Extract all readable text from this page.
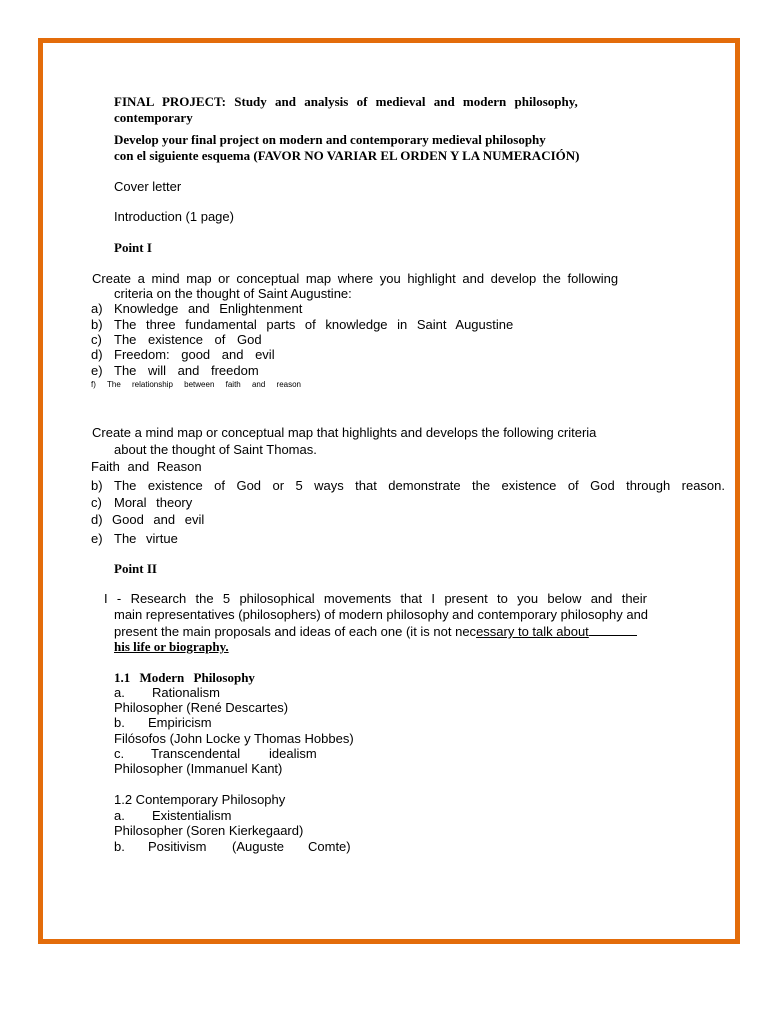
FINAL PROJECT: Study and analysis of medieval and modern philosophy,
contemporary
Develop your final project on modern and contemporary medieval philosophy
con el siguiente esquema (FAVOR NO VARIAR EL ORDEN Y LA NUMERACIÓN)
Cover letter
Introduction (1 page)
Point I
Create a mind map or conceptual map where you highlight and develop the following
criteria on the thought of Saint Augustine:
a) Knowledge and Enlightenment
b) The three fundamental parts of knowledge in Saint Augustine
c) The existence of God
d) Freedom: good and evil
e) The will and freedom
f) The relationship between faith and reason
Create a mind map or conceptual map that highlights and develops the following criteria
about the thought of Saint Thomas.
Faith and Reason
b) The existence of God or 5 ways that demonstrate the existence of God through reason.
c) Moral theory
d) Good and evil
e) The virtue
Point II
I - Research the 5 philosophical movements that I present to you below and their
main representatives (philosophers) of modern philosophy and contemporary philosophy and
present the main proposals and ideas of each one (it is not necessary to talk about
his life or biography.
1.1 Modern Philosophy
a. Rationalism
Philosopher (René Descartes)
b. Empiricism
Filósofos (John Locke y Thomas Hobbes)
c. Transcendental idealism
Philosopher (Immanuel Kant)
1.2 Contemporary Philosophy
a. Existentialism
Philosopher (Soren Kierkegaard)
b. Positivism (Auguste Comte)
